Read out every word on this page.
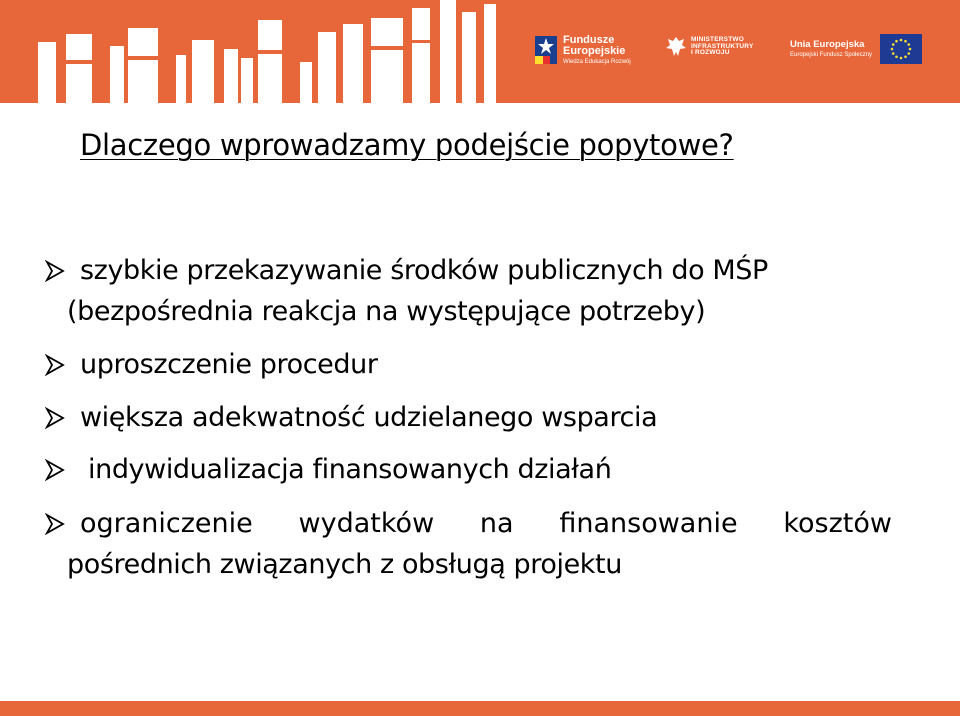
Fundusze
Europejskie
Wiedza Edukacja Rozwój
MINISTERSTWO
INFRASTRUKTURY
I ROZWOJU
Unia Europejska
Europejski Fundusz Społeczny
Dlaczego wprowadzamy podejście popytowe?
szybkie przekazywanie środków publicznych do MŚP
(bezpośrednia reakcja na występujące potrzeby)
uproszczenie procedur
większa adekwatność udzielanego wsparcia
indywidualizacja finansowanych działań
ograniczenie wydatków na finansowanie kosztów
pośrednich związanych z obsługą projektu
